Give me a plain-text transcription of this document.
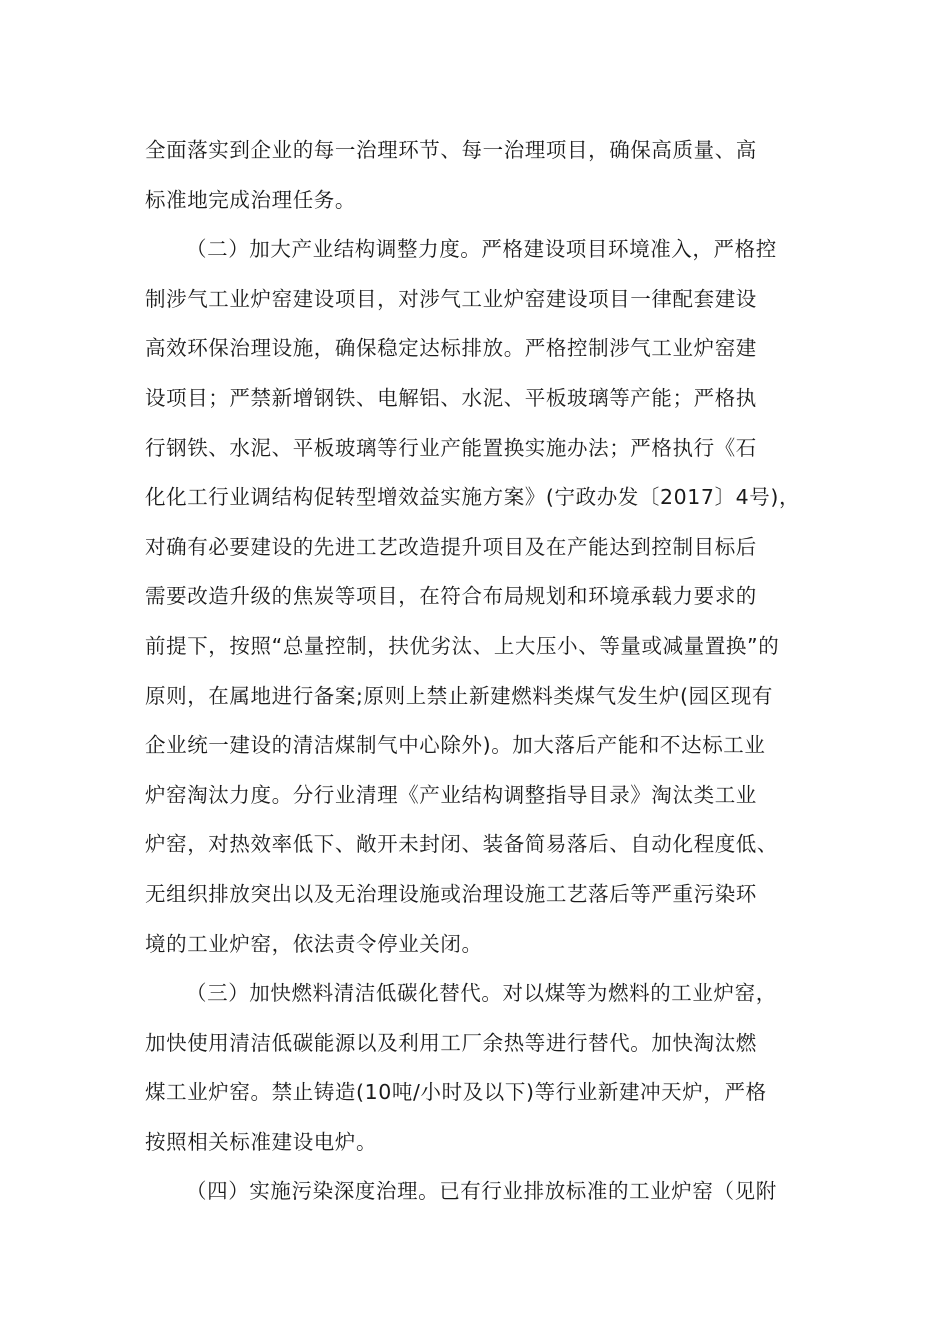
全面落实到企业的每一治理环节、每一治理项目，确保高质量、高
标准地完成治理任务。
（二）加大产业结构调整力度。严格建设项目环境准入，严格控
制涉气工业炉窑建设项目，对涉气工业炉窑建设项目一律配套建设
高效环保治理设施，确保稳定达标排放。严格控制涉气工业炉窑建
设项目；严禁新增钢铁、电解铝、水泥、平板玻璃等产能；严格执
行钢铁、水泥、平板玻璃等行业产能置换实施办法；严格执行《石
化化工行业调结构促转型增效益实施方案》(宁政办发〔2017〕4号)，
对确有必要建设的先进工艺改造提升项目及在产能达到控制目标后
需要改造升级的焦炭等项目，在符合布局规划和环境承载力要求的
前提下，按照“总量控制，扶优劣汰、上大压小、等量或减量置换”的
原则，在属地进行备案;原则上禁止新建燃料类煤气发生炉(园区现有
企业统一建设的清洁煤制气中心除外)。加大落后产能和不达标工业
炉窑淘汰力度。分行业清理《产业结构调整指导目录》淘汰类工业
炉窑，对热效率低下、敞开未封闭、装备简易落后、自动化程度低、
无组织排放突出以及无治理设施或治理设施工艺落后等严重污染环
境的工业炉窑，依法责令停业关闭。
（三）加快燃料清洁低碳化替代。对以煤等为燃料的工业炉窑，
加快使用清洁低碳能源以及利用工厂余热等进行替代。加快淘汰燃
煤工业炉窑。禁止铸造(10吨/小时及以下)等行业新建冲天炉，严格
按照相关标准建设电炉。
（四）实施污染深度治理。已有行业排放标准的工业炉窑（见附
